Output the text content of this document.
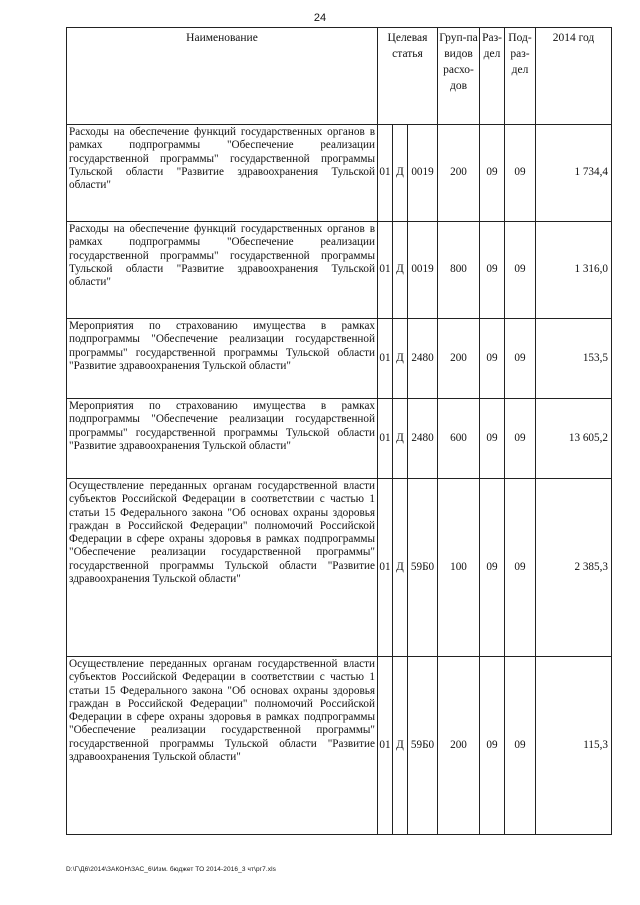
24
Наименование	Целевая статья			Груп-па видов расхо-дов	Раз-дел	Под-раз-дел	2014 год
Расходы на обеспечение функций государственных органов в рамках подпрограммы "Обеспечение реализации государственной программы" государственной программы Тульской области "Развитие здравоохранения Тульской области"	01	Д	0019	200	09	09	1 734,4
Расходы на обеспечение функций государственных органов в рамках подпрограммы "Обеспечение реализации государственной программы" государственной программы Тульской области "Развитие здравоохранения Тульской области"	01	Д	0019	800	09	09	1 316,0
Мероприятия по страхованию имущества в рамках подпрограммы "Обеспечение реализации государственной программы" государственной программы Тульской области "Развитие здравоохранения Тульской области"	01	Д	2480	200	09	09	153,5
Мероприятия по страхованию имущества в рамках подпрограммы "Обеспечение реализации государственной программы" государственной программы Тульской области "Развитие здравоохранения Тульской области"	01	Д	2480	600	09	09	13 605,2
Осуществление переданных органам государственной власти субъектов Российской Федерации в соответствии с частью 1 статьи 15 Федерального закона "Об основах охраны здоровья граждан в Российской Федерации" полномочий Российской Федерации в сфере охраны здоровья в рамках подпрограммы "Обеспечение реализации государственной программы" государственной программы Тульской области "Развитие здравоохранения Тульской области"	01	Д	59Б0	100	09	09	2 385,3
Осуществление переданных органам государственной власти субъектов Российской Федерации в соответствии с частью 1 статьи 15 Федерального закона "Об основах охраны здоровья граждан в Российской Федерации" полномочий Российской Федерации в сфере охраны здоровья в рамках подпрограммы "Обеспечение реализации государственной программы" государственной программы Тульской области "Развитие здравоохранения Тульской области"	01	Д	59Б0	200	09	09	115,3
D:\Г\Д6\2014\ЗАКОН\ЗАС_6\Изм. бюджет ТО 2014-2016_3 чт\рг7.xls
